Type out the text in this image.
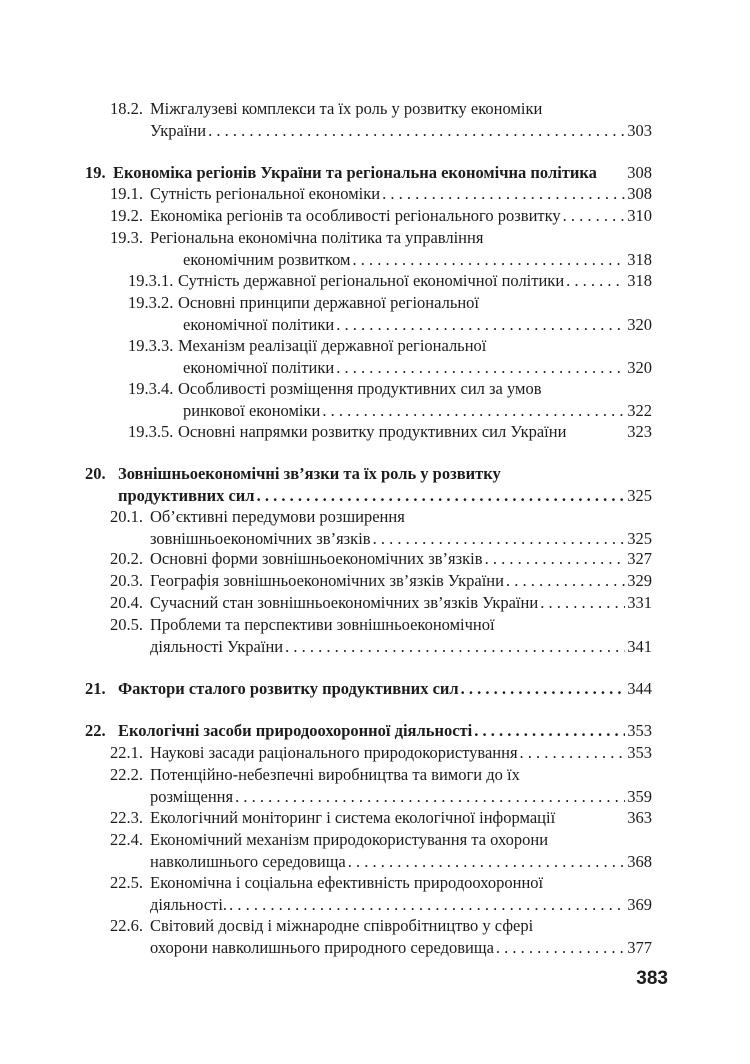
18.2. Міжгалузеві комплекси та їх роль у розвитку економіки
України . . .	303
19. Економіка регіонів України та регіональна економічна політика 308
19.1. Сутність регіональної економіки . . .	308
19.2. Економіка регіонів та особливості регіонального розвитку . . .	310
19.3. Регіональна економічна політика та управління
економічним розвитком . . .	318
19.3.1. Сутність державної регіональної економічної політики . . .	318
19.3.2. Основні принципи державної регіональної
економічної політики . . .	320
19.3.3. Механізм реалізації державної регіональної
економічної політики . . .	320
19.3.4. Особливості розміщення продуктивних сил за умов
ринкової економіки . . .	322
19.3.5. Основні напрямки розвитку продуктивних сил України	323
20. Зовнішньоекономічні зв’язки та їх роль у розвитку
продуктивних сил . . .	325
20.1. Об’єктивні передумови розширення
зовнішньоекономічних зв’язків . . .	325
20.2. Основні форми зовнішньоекономічних зв’язків . . .	327
20.3. Географія зовнішньоекономічних зв’язків України . . .	329
20.4. Сучасний стан зовнішньоекономічних зв’язків України . . .	331
20.5. Проблеми та перспективи зовнішньоекономічної
діяльності України . . .	341
21. Фактори сталого розвитку продуктивних сил . . .	344
22. Екологічні засоби природоохоронної діяльності . . .	353
22.1. Наукові засади раціонального природокористування . . .	353
22.2. Потенційно-небезпечні виробництва та вимоги до їх
розміщення . . .	359
22.3. Екологічний моніторинг і система екологічної інформації	363
22.4. Економічний механізм природокористування та охорони
навколишнього середовища . . .	368
22.5. Економічна і соціальна ефективність природоохоронної
діяльності. . . .	369
22.6. Світовий досвід і міжнародне співробітництво у сфері
охорони навколишнього природного середовища . . .	377
383
